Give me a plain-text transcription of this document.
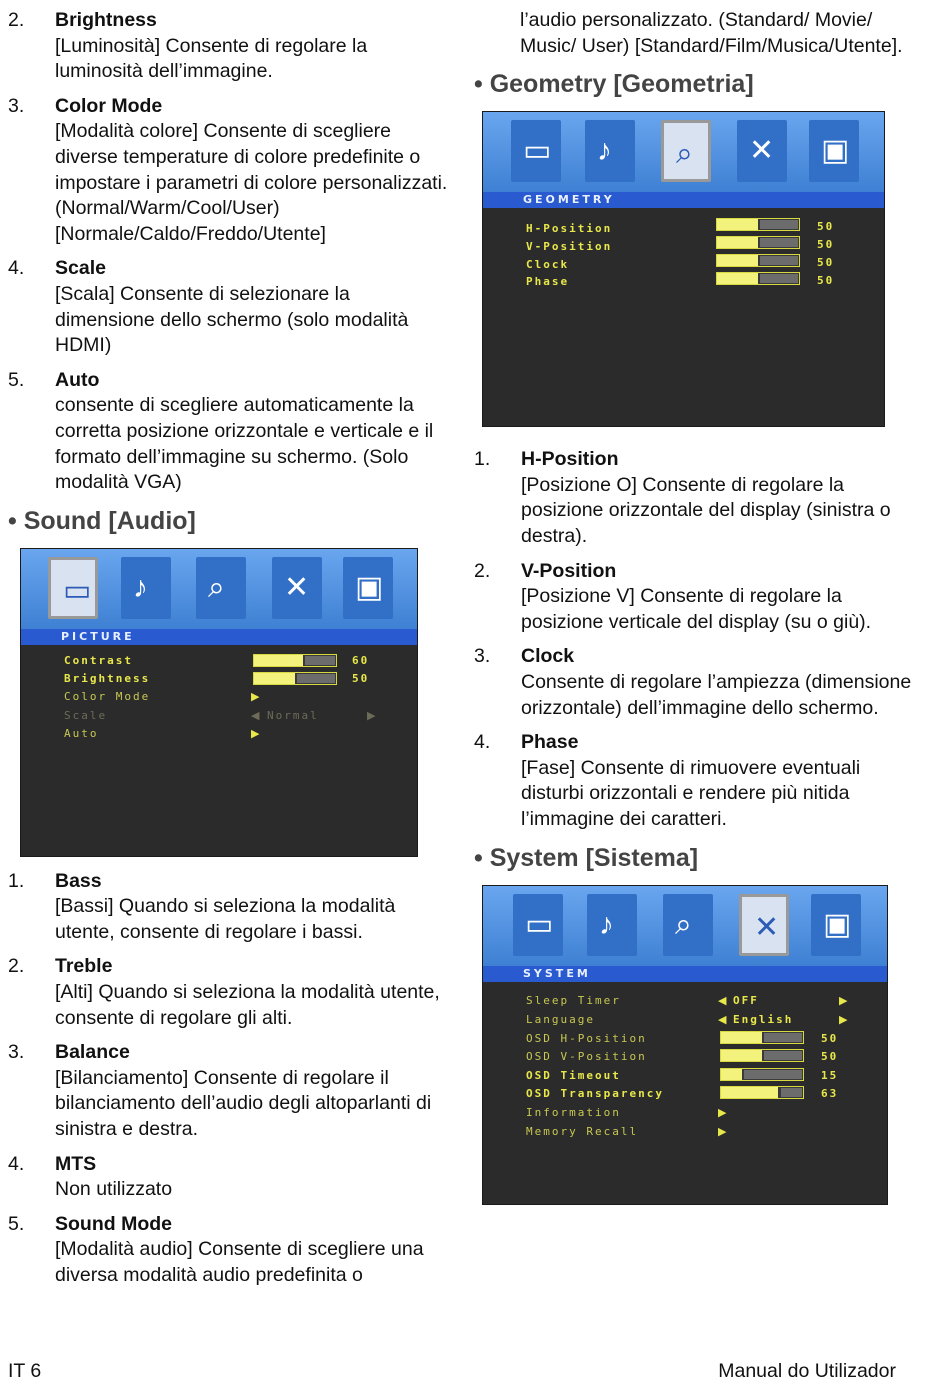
2.	Brightness
[Luminosità] Consente di regolare la luminosità dell’immagine.
3.	Color Mode
[Modalità colore] Consente di scegliere diverse temperature di colore predefinite o impostare i parametri di colore personalizzati. (Normal/Warm/Cool/User) [Normale/Caldo/Freddo/Utente]
4.	Scale
[Scala] Consente di selezionare la dimensione dello schermo (solo modalità HDMI)
5.	Auto
consente di scegliere automaticamente la corretta posizione orizzontale e verticale e il formato dell’immagine su schermo. (Solo modalità VGA)
• Sound [Audio]
▭ ♪ ⌕ ✕ ▣
PICTURE
Contrast	60
Brightness	50
Color Mode	▶
Scale	◀ Normal	▶
Auto	▶
1.	Bass
[Bassi] Quando si seleziona la modalità utente, consente di regolare i bassi.
2.	Treble
[Alti] Quando si seleziona la modalità utente, consente di regolare gli alti.
3.	Balance
[Bilanciamento] Consente di regolare il bilanciamento dell’audio degli altoparlanti di sinistra e destra.
4.	MTS
Non utilizzato
5.	Sound Mode
[Modalità audio] Consente di scegliere una diversa modalità audio predefinita o
l’audio personalizzato. (Standard/ Movie/ Music/ User) [Standard/Film/Musica/Utente].
• Geometry [Geometria]
▭ ♪ ⌕ ✕ ▣
GEOMETRY
H-Position	50
V-Position	50
Clock	50
Phase	50
1.	H-Position
[Posizione O] Consente di regolare la posizione orizzontale del display (sinistra o destra).
2.	V-Position
[Posizione V] Consente di regolare la posizione verticale del display (su o giù).
3.	Clock
Consente di regolare l’ampiezza (dimensione orizzontale) dell’immagine dello schermo.
4.	Phase
[Fase] Consente di rimuovere eventuali disturbi orizzontali e rendere più nitida l’immagine dei caratteri.
• System [Sistema]
▭ ♪ ⌕ ✕ ▣
SYSTEM
Sleep Timer	◀ OFF	▶
Language	◀ English	▶
OSD H-Position	50
OSD V-Position	50
OSD Timeout	15
OSD Transparency	63
Information	▶
Memory Recall	▶
IT 6	Manual do Utilizador
